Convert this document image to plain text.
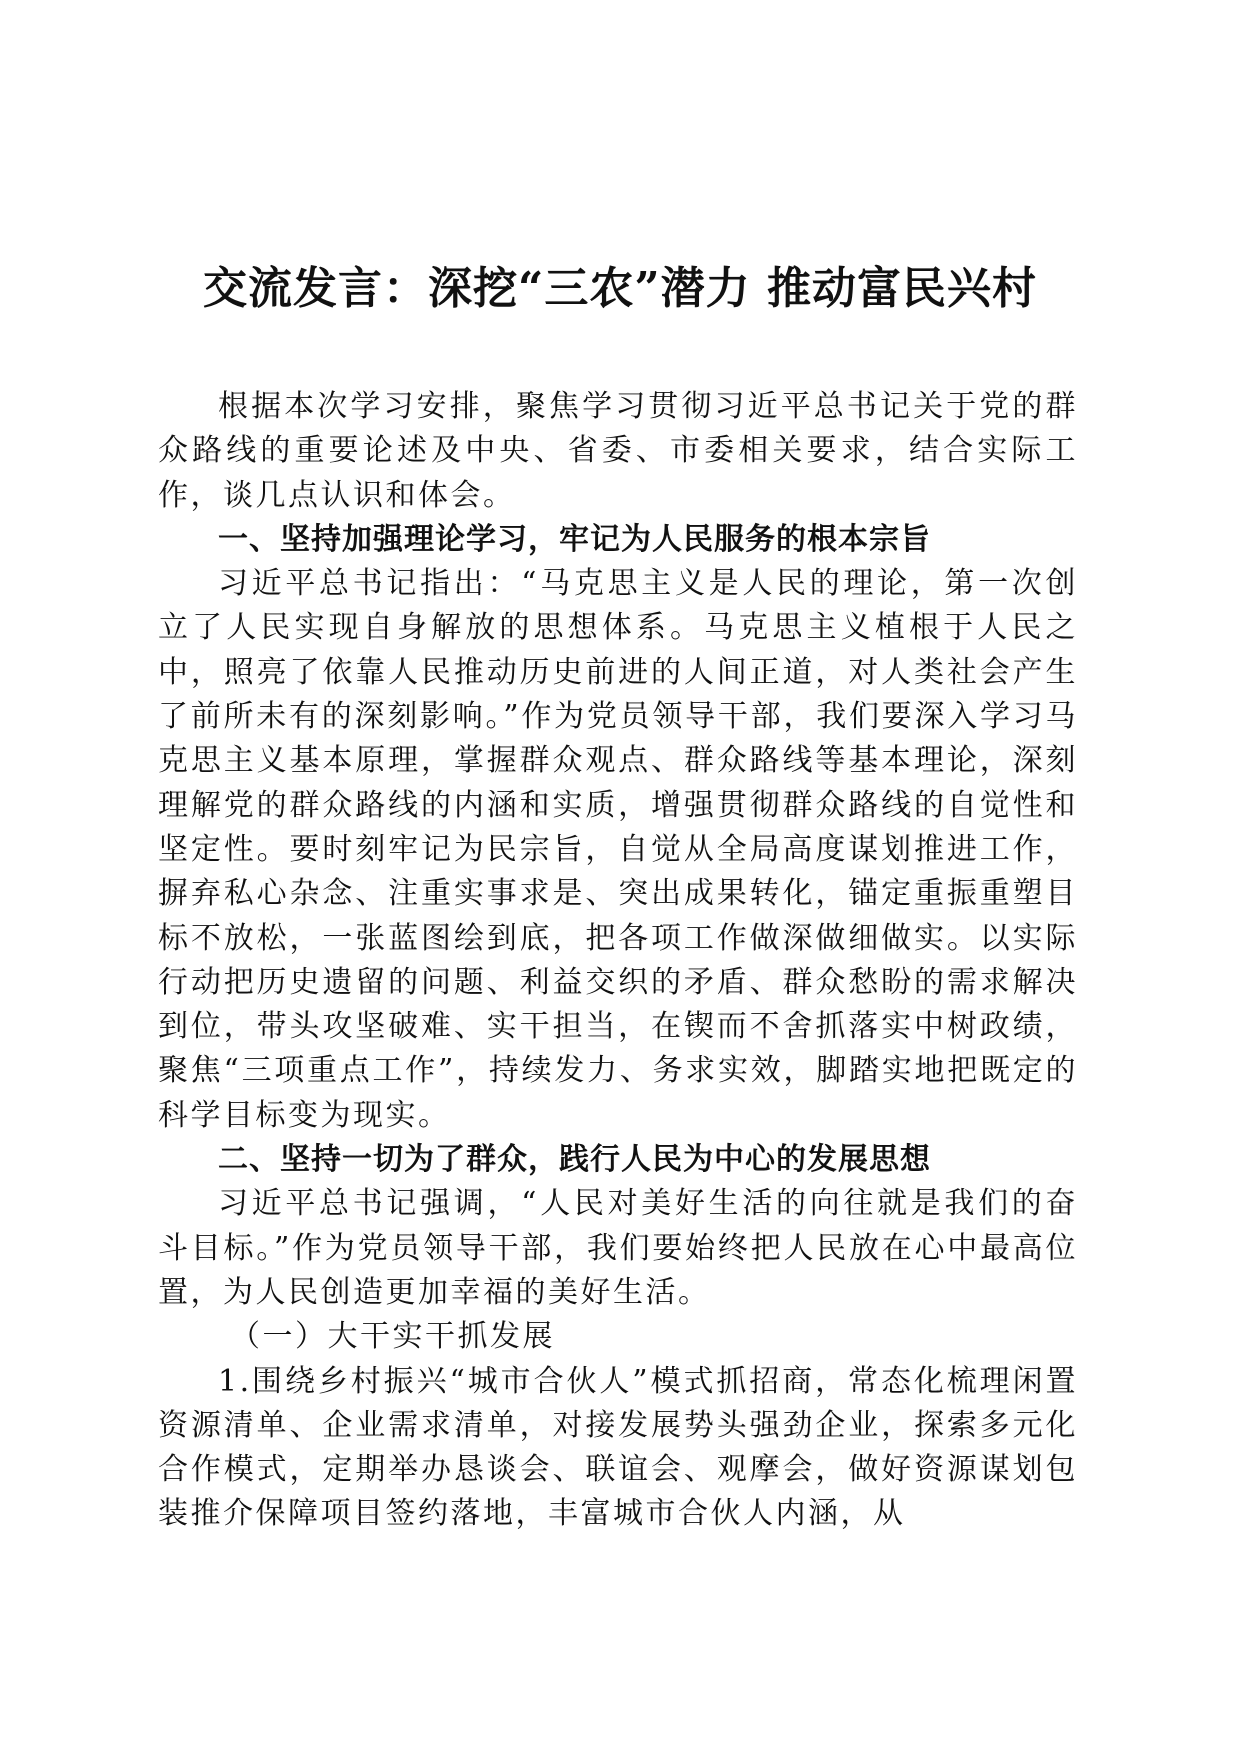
交流发言：深挖“三农”潜力 推动富民兴村

根据本次学习安排，聚焦学习贯彻习近平总书记关于党的群众路线的重要论述及中央、省委、市委相关要求，结合实际工作，谈几点认识和体会。

一、坚持加强理论学习，牢记为人民服务的根本宗旨

习近平总书记指出：“马克思主义是人民的理论，第一次创立了人民实现自身解放的思想体系。马克思主义植根于人民之中，照亮了依靠人民推动历史前进的人间正道，对人类社会产生了前所未有的深刻影响。”作为党员领导干部，我们要深入学习马克思主义基本原理，掌握群众观点、群众路线等基本理论，深刻理解党的群众路线的内涵和实质，增强贯彻群众路线的自觉性和坚定性。要时刻牢记为民宗旨，自觉从全局高度谋划推进工作，摒弃私心杂念、注重实事求是、突出成果转化，锚定重振重塑目标不放松，一张蓝图绘到底，把各项工作做深做细做实。以实际行动把历史遗留的问题、利益交织的矛盾、群众愁盼的需求解决到位，带头攻坚破难、实干担当，在锲而不舍抓落实中树政绩，聚焦“三项重点工作”，持续发力、务求实效，脚踏实地把既定的科学目标变为现实。

二、坚持一切为了群众，践行人民为中心的发展思想

习近平总书记强调，“人民对美好生活的向往就是我们的奋斗目标。”作为党员领导干部，我们要始终把人民放在心中最高位置，为人民创造更加幸福的美好生活。

（一）大干实干抓发展

1.围绕乡村振兴“城市合伙人”模式抓招商，常态化梳理闲置资源清单、企业需求清单，对接发展势头强劲企业，探索多元化合作模式，定期举办恳谈会、联谊会、观摩会，做好资源谋划包装推介保障项目签约落地，丰富城市合伙人内涵，从
